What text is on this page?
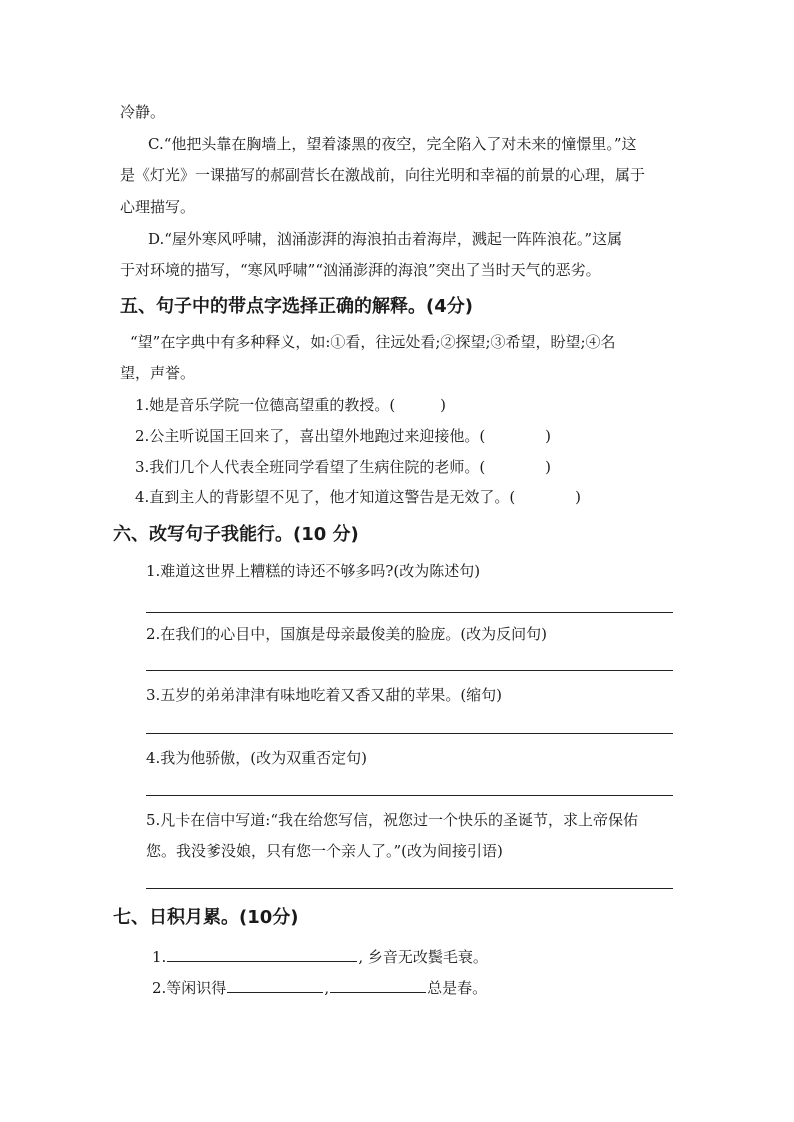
冷静。
C.“他把头靠在胸墙上，望着漆黑的夜空，完全陷入了对未来的憧憬里。”这
是《灯光》一课描写的郝副营长在激战前，向往光明和幸福的前景的心理，属于
心理描写。
D.“屋外寒风呼啸，汹涌澎湃的海浪拍击着海岸，溅起一阵阵浪花。”这属
于对环境的描写，“寒风呼啸”“汹涌澎湃的海浪”突出了当时天气的恶劣。
五、句子中的带点字选择正确的解释。(4分)
“望”在字典中有多种释义，如:①看，往远处看;②探望;③希望，盼望;④名
望，声誉。
1.她是音乐学院一位德高望重的教授。(　　　)
2.公主听说国王回来了，喜出望外地跑过来迎接他。(　　　　)
3.我们几个人代表全班同学看望了生病住院的老师。(　　　　)
4.直到主人的背影望不见了，他才知道这警告是无效了。(　　　　)
六、改写句子我能行。(10 分)
1.难道这世界上糟糕的诗还不够多吗?(改为陈述句)
2.在我们的心目中，国旗是母亲最俊美的脸庞。(改为反问句)
3.五岁的弟弟津津有味地吃着又香又甜的苹果。(缩句)
4.我为他骄傲，(改为双重否定句)
5.凡卡在信中写道:“我在给您写信，祝您过一个快乐的圣诞节，求上帝保佑
您。我没爹没娘，只有您一个亲人了。”(改为间接引语)
七、日积月累。(10分)
1.	, 乡音无改鬓毛衰。
2.等闲识得	,	总是春。
